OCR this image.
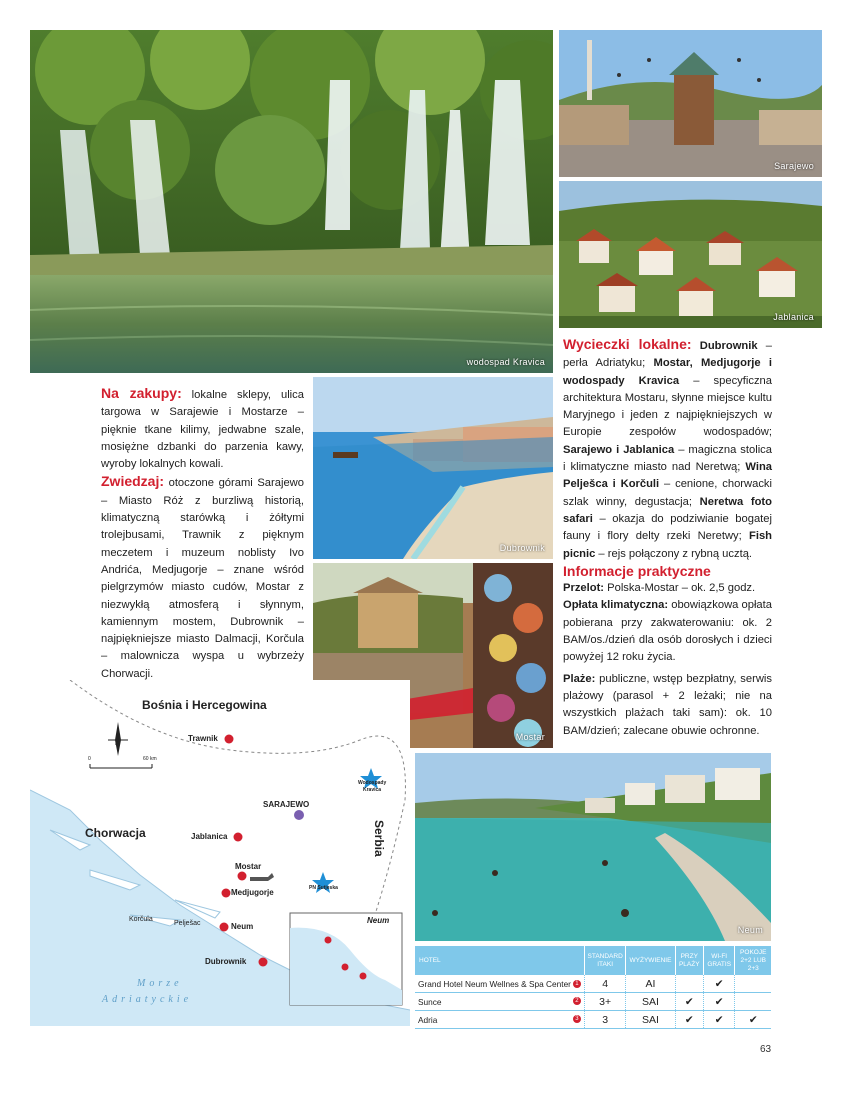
wodospad Kravica
Sarajewo
Jablanica
Dubrownik
Mostar
Neum

Na zakupy: lokalne sklepy, ulica targowa w Sarajewie i Mostarze – pięknie tkane kilimy, jedwabne szale, mosiężne dzbanki do parzenia kawy, wyroby lokalnych kowali.

Zwiedzaj: otoczone górami Sarajewo – Miasto Róż z burzliwą historią, klimatyczną starówką i żółtymi trolejbusami, Trawnik z pięknym meczetem i muzeum noblisty Ivo Andrića, Medjugorje – znane wśród pielgrzymów miasto cudów, Mostar z niezwykłą atmosferą i słynnym, kamiennym mostem, Dubrownik – najpiękniejsze miasto Dalmacji, Korčula – malownicza wyspa u wybrzeży Chorwacji.

Wycieczki lokalne: Dubrownik – perła Adriatyku; Mostar, Medjugorje i wodospady Kravica – specyficzna architektura Mostaru, słynne miejsce kultu Maryjnego i jeden z najpiękniejszych w Europie zespołów wodospadów; Sarajewo i Jablanica – magiczna stolica i klimatyczne miasto nad Neretwą; Wina Pelješca i Korčuli – cenione, chorwacki szlak winny, degustacja; Neretwa foto safari – okazja do podziwianie bogatej fauny i flory delty rzeki Neretwy; Fish picnic – rejs połączony z rybną ucztą.

Informacje praktyczne

Przelot: Polska-Mostar – ok. 2,5 godz.

Opłata klimatyczna: obowiązkowa opłata pobierana przy zakwaterowaniu: ok. 2 BAM/os./dzień dla osób dorosłych i dzieci powyżej 12 roku życia.

Plaże: publiczne, wstęp bezpłatny, serwis plażowy (parasol + 2 leżaki; nie na wszystkich plażach taki sam): ok. 10 BAM/dzień; zalecane obuwie ochronne.

Bośnia i Hercegowina
Chorwacja	Serbia
Morze
Adriatyckie
N
0	60 km
Trawnik
SARAJEWO
Jablanica
Mostar
Medjugorje
Korčula
Pelješac	Neum
Dubrownik
Wodospady
Kravica
PN Sutjeska
Neum
HOTEL	STANDARD ITAKI	WYŻYWIENIE	PRZY PLAŻY	WI-FI GRATIS	POKOJE 2+2 LUB 2+3
Grand Hotel Neum Wellnes & Spa Center 1	4	AI		✔	
Sunce 2	3+	SAI	✔	✔	
Adria 3	3	SAI	✔	✔	✔
63
